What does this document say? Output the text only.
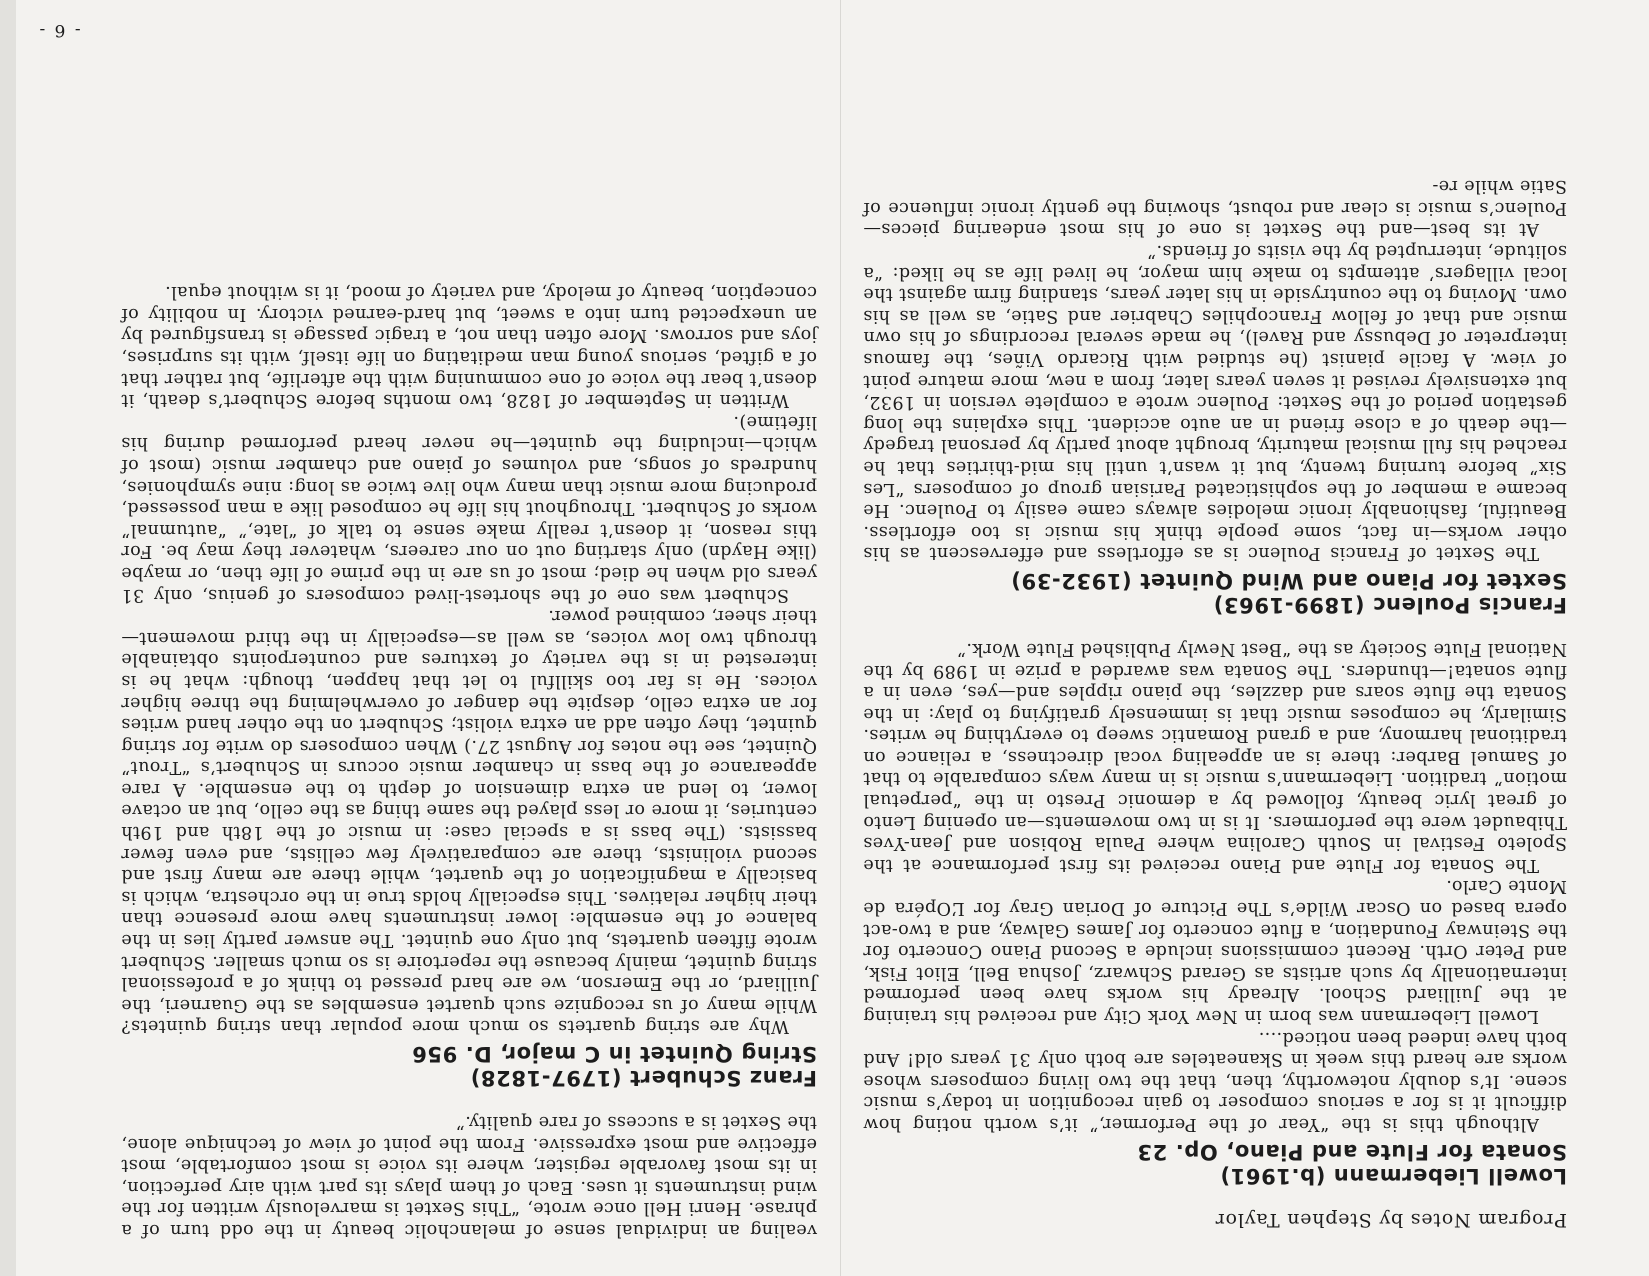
Program Notes by Stephen Taylor
Lowell Liebermann (b.1961)
Sonata for Flute and Piano, Op. 23

Although this is the “Year of the Performer,” it’s worth noting how difficult it is for a serious composer to gain recognition in today’s music scene. It’s doubly noteworthy, then, that the two living composers whose works are heard this week in Skaneateles are both only 31 years old! And both have indeed been noticed....

Lowell Liebermann was born in New York City and received his training at the Juilliard School. Already his works have been performed internationally by such artists as Gerard Schwarz, Joshua Bell, Eliot Fisk, and Peter Orth. Recent commissions include a Second Piano Concerto for the Steinway Foundation, a flute concerto for James Galway, and a two-act opera based on Oscar Wilde’s The Picture of Dorian Gray for L’Opéra de Monte Carlo.

The Sonata for Flute and Piano received its first performance at the Spoleto Festival in South Carolina where Paula Robison and Jean-Yves Thibaudet were the performers. It is in two movements—an opening Lento of great lyric beauty, followed by a demonic Presto in the “perpetual motion” tradition. Liebermann’s music is in many ways comparable to that of Samuel Barber: there is an appealing vocal directness, a reliance on traditional harmony, and a grand Romantic sweep to everything he writes. Similarly, he composes music that is immensely gratifying to play: in the Sonata the flute soars and dazzles, the piano ripples and—yes, even in a flute sonata!—thunders. The Sonata was awarded a prize in 1989 by the National Flute Society as the “Best Newly Published Flute Work.”

Francis Poulenc (1899-1963)
Sextet for Piano and Wind Quintet (1932-39)

The Sextet of Francis Poulenc is as effortless and effervescent as his other works—in fact, some people think his music is too effortless. Beautiful, fashionably ironic melodies always came easily to Poulenc. He became a member of the sophisticated Parisian group of composers “Les Six” before turning twenty, but it wasn’t until his mid-thirties that he reached his full musical maturity, brought about partly by personal tragedy—the death of a close friend in an auto accident. This explains the long gestation period of the Sextet: Poulenc wrote a complete version in 1932, but extensively revised it seven years later, from a new, more mature point of view. A facile pianist (he studied with Ricardo Viñes, the famous interpreter of Debussy and Ravel), he made several recordings of his own music and that of fellow Francophiles Chabrier and Satie, as well as his own. Moving to the countryside in his later years, standing firm against the local villagers’ attempts to make him mayor, he lived life as he liked: “a solitude, interrupted by the visits of friends.”

At its best—and the Sextet is one of his most endearing pieces—Poulenc’s music is clear and robust, showing the gently ironic influence of Satie while re-

vealing an individual sense of melancholic beauty in the odd turn of a phrase. Henri Hell once wrote, “This Sextet is marvelously written for the wind instruments it uses. Each of them plays its part with airy perfection, in its most favorable register, where its voice is most comfortable, most effective and most expressive. From the point of view of technique alone, the Sextet is a success of rare quality.”

Franz Schubert (1797-1828)
String Quintet in C major, D. 956

Why are string quartets so much more popular than string quintets? While many of us recognize such quartet ensembles as the Guarneri, the Juilliard, or the Emerson, we are hard pressed to think of a professional string quintet, mainly because the repertoire is so much smaller. Schubert wrote fifteen quartets, but only one quintet. The answer partly lies in the balance of the ensemble: lower instruments have more presence than their higher relatives. This especially holds true in the orchestra, which is basically a magnification of the quartet, while there are many first and second violinists, there are comparatively few cellists, and even fewer bassists. (The bass is a special case: in music of the 18th and 19th centuries, it more or less played the same thing as the cello, but an octave lower, to lend an extra dimension of depth to the ensemble. A rare appearance of the bass in chamber music occurs in Schubert’s “Trout” Quintet, see the notes for August 27.) When composers do write for string quintet, they often add an extra violist; Schubert on the other hand writes for an extra cello, despite the danger of overwhelming the three higher voices. He is far too skillful to let that happen, though: what he is interested in is the variety of textures and counterpoints obtainable through two low voices, as well as—especially in the third movement—their sheer, combined power.

Schubert was one of the shortest-lived composers of genius, only 31 years old when he died; most of us are in the prime of life then, or maybe (like Haydn) only starting out on our careers, whatever they may be. For this reason, it doesn’t really make sense to talk of “late,” “autumnal” works of Schubert. Throughout his life he composed like a man possessed, producing more music than many who live twice as long: nine symphonies, hundreds of songs, and volumes of piano and chamber music (most of which—including the quintet—he never heard performed during his lifetime).

Written in September of 1828, two months before Schubert’s death, it doesn’t bear the voice of one communing with the afterlife, but rather that of a gifted, serious young man meditating on life itself, with its surprises, joys and sorrows. More often than not, a tragic passage is transfigured by an unexpected turn into a sweet, but hard-earned victory. In nobility of conception, beauty of melody, and variety of mood, it is without equal.

- 6 -
